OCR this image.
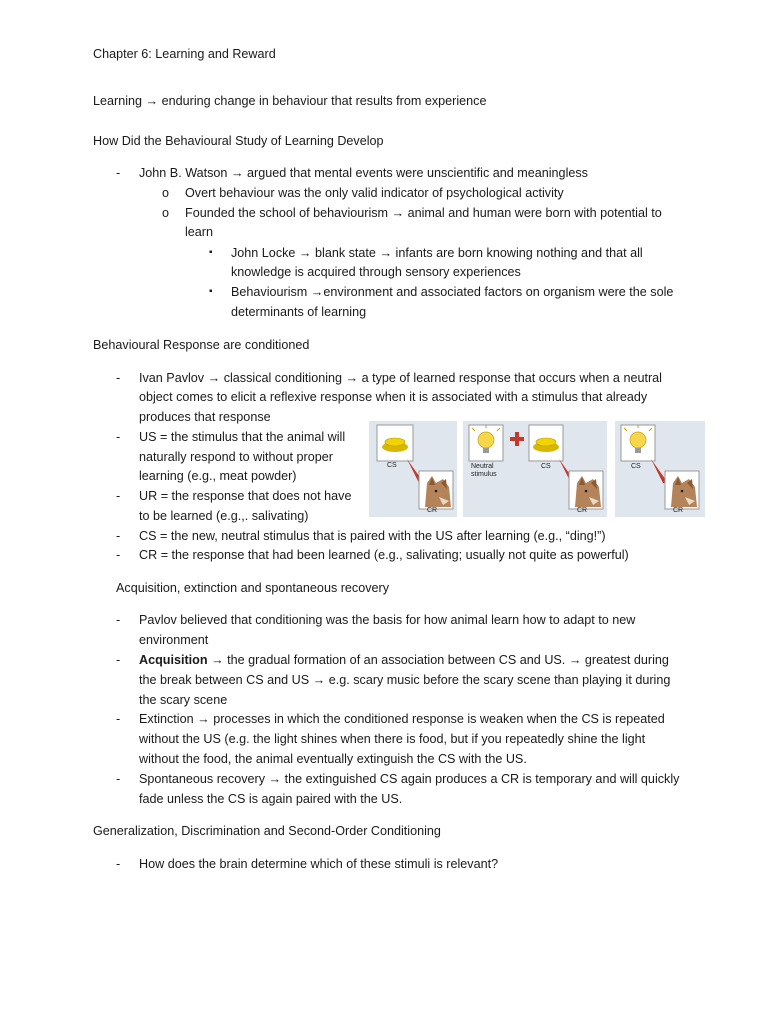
Chapter 6: Learning and Reward
Learning → enduring change in behaviour that results from experience
How Did the Behavioural Study of Learning Develop
- John B. Watson → argued that mental events were unscientific and meaningless
o Overt behaviour was the only valid indicator of psychological activity
o Founded the school of behaviourism → animal and human were born with potential to
learn
▪ John Locke → blank state → infants are born knowing nothing and that all
knowledge is acquired through sensory experiences
▪ Behaviourism →environment and associated factors on organism were the sole
determinants of learning
Behavioural Response are conditioned
- Ivan Pavlov → classical conditioning → a type of learned response that occurs when a neutral
object comes to elicit a reflexive response when it is associated with a stimulus that already
produces that response
- US = the stimulus that the animal will
naturally respond to without proper
learning (e.g., meat powder)
- UR = the response that does not have
to be learned (e.g.,. salivating)
- CS = the new, neutral stimulus that is paired with the US after learning (e.g., “ding!”)
- CR = the response that had been learned (e.g., salivating; usually not quite as powerful)
CS
CR
Neutral
stimulus
CS
CR
CS
CR
Acquisition, extinction and spontaneous recovery
- Pavlov believed that conditioning was the basis for how animal learn how to adapt to new
environment
- Acquisition → the gradual formation of an association between CS and US. → greatest during
the break between CS and US → e.g. scary music before the scary scene than playing it during
the scary scene
- Extinction → processes in which the conditioned response is weaken when the CS is repeated
without the US (e.g. the light shines when there is food, but if you repeatedly shine the light
without the food, the animal eventually extinguish the CS with the US.
- Spontaneous recovery → the extinguished CS again produces a CR is temporary and will quickly
fade unless the CS is again paired with the US.
Generalization, Discrimination and Second-Order Conditioning
- How does the brain determine which of these stimuli is relevant?
